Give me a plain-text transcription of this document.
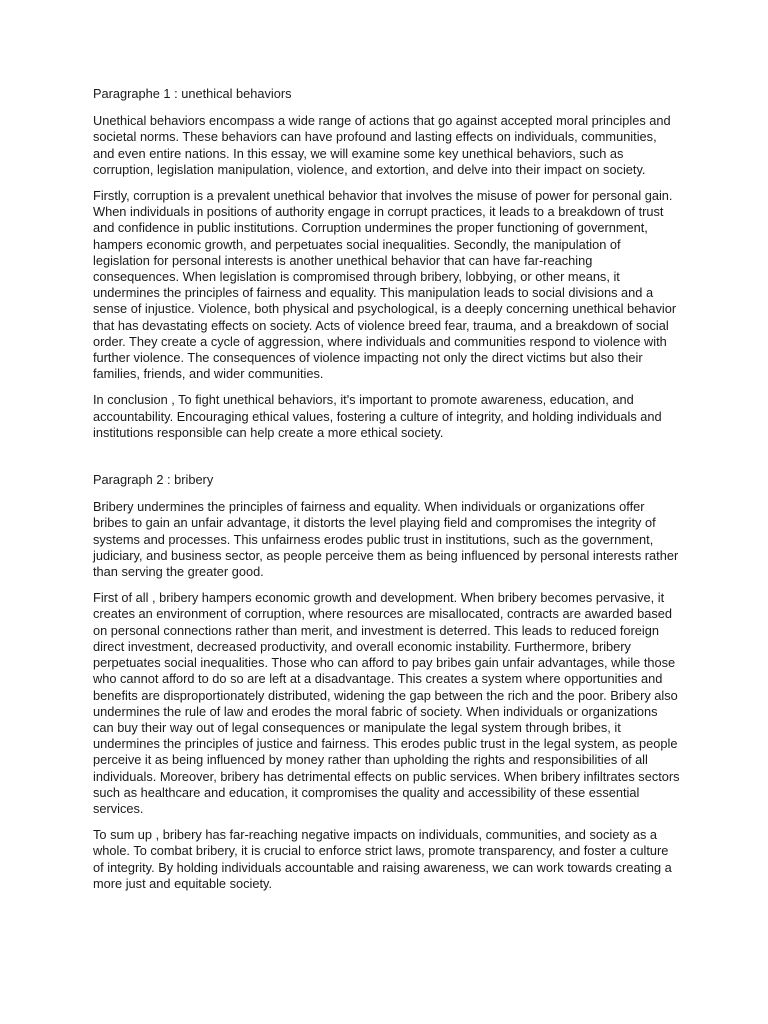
Paragraphe 1 : unethical behaviors

Unethical behaviors encompass a wide range of actions that go against accepted moral principles and societal norms. These behaviors can have profound and lasting effects on individuals, communities, and even entire nations. In this essay, we will examine some key unethical behaviors, such as corruption, legislation manipulation, violence, and extortion, and delve into their impact on society.

Firstly, corruption is a prevalent unethical behavior that involves the misuse of power for personal gain. When individuals in positions of authority engage in corrupt practices, it leads to a breakdown of trust and confidence in public institutions. Corruption undermines the proper functioning of government, hampers economic growth, and perpetuates social inequalities. Secondly, the manipulation of legislation for personal interests is another unethical behavior that can have far-reaching consequences. When legislation is compromised through bribery, lobbying, or other means, it undermines the principles of fairness and equality. This manipulation leads to social divisions and a sense of injustice. Violence, both physical and psychological, is a deeply concerning unethical behavior that has devastating effects on society. Acts of violence breed fear, trauma, and a breakdown of social order. They create a cycle of aggression, where individuals and communities respond to violence with further violence. The consequences of violence impacting not only the direct victims but also their families, friends, and wider communities.

In conclusion , To fight unethical behaviors, it's important to promote awareness, education, and accountability. Encouraging ethical values, fostering a culture of integrity, and holding individuals and institutions responsible can help create a more ethical society.

Paragraph 2 : bribery

Bribery undermines the principles of fairness and equality. When individuals or organizations offer bribes to gain an unfair advantage, it distorts the level playing field and compromises the integrity of systems and processes. This unfairness erodes public trust in institutions, such as the government, judiciary, and business sector, as people perceive them as being influenced by personal interests rather than serving the greater good.

First of all , bribery hampers economic growth and development. When bribery becomes pervasive, it creates an environment of corruption, where resources are misallocated, contracts are awarded based on personal connections rather than merit, and investment is deterred. This leads to reduced foreign direct investment, decreased productivity, and overall economic instability. Furthermore, bribery perpetuates social inequalities. Those who can afford to pay bribes gain unfair advantages, while those who cannot afford to do so are left at a disadvantage. This creates a system where opportunities and benefits are disproportionately distributed, widening the gap between the rich and the poor. Bribery also undermines the rule of law and erodes the moral fabric of society. When individuals or organizations can buy their way out of legal consequences or manipulate the legal system through bribes, it undermines the principles of justice and fairness. This erodes public trust in the legal system, as people perceive it as being influenced by money rather than upholding the rights and responsibilities of all individuals. Moreover, bribery has detrimental effects on public services. When bribery infiltrates sectors such as healthcare and education, it compromises the quality and accessibility of these essential services.

To sum up , bribery has far-reaching negative impacts on individuals, communities, and society as a whole. To combat bribery, it is crucial to enforce strict laws, promote transparency, and foster a culture of integrity. By holding individuals accountable and raising awareness, we can work towards creating a more just and equitable society.
